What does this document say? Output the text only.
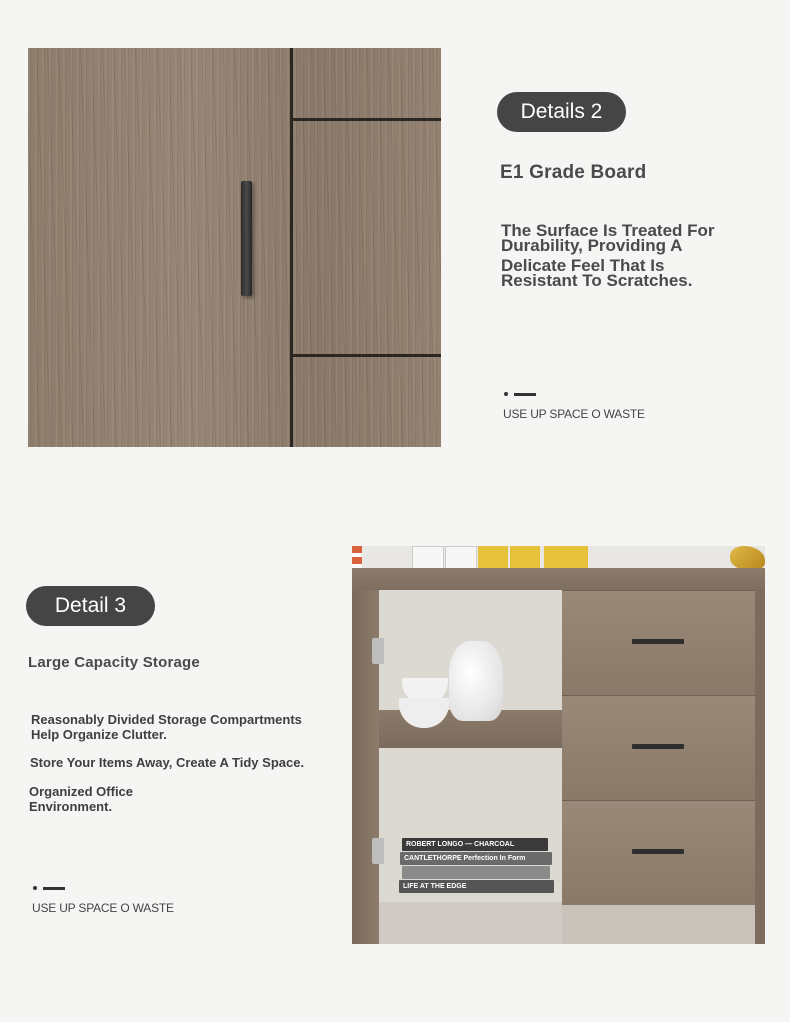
Details 2
E1 Grade Board
The Surface Is Treated For
Durability, Providing A
Delicate Feel That Is
Resistant To Scratches.
USE UP SPACE O WASTE
Detail 3
Large Capacity Storage
Reasonably Divided Storage Compartments
Help Organize Clutter.
Store Your Items Away, Create A Tidy Space.
Organized Office
Environment.
USE UP SPACE O WASTE
ROBERT LONGO — CHARCOAL
CANTLETHORPE Perfection In Form
LIFE AT THE EDGE
